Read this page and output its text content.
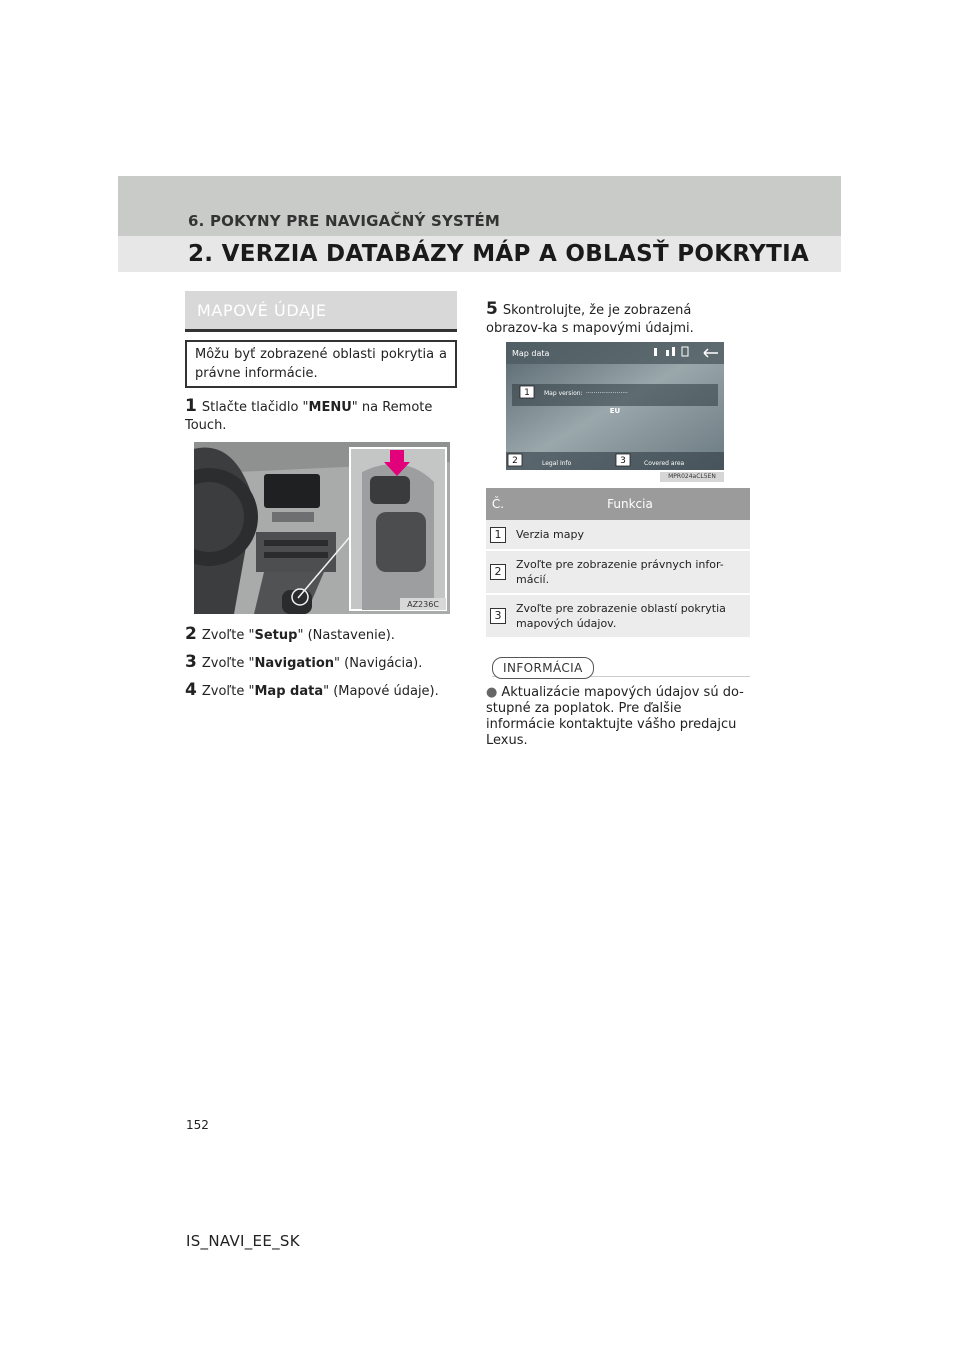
6. POKYNY PRE NAVIGAČNÝ SYSTÉM
2. VERZIA DATABÁZY MÁP A OBLASŤ POKRYTIA
MAPOVÉ ÚDAJE
Môžu byť zobrazené oblasti pokrytia a právne informácie.
1 Stlačte tlačidlo "MENU" na Remote Touch.
AZ236C
2 Zvoľte "Setup" (Nastavenie).
3 Zvoľte "Navigation" (Navigácia).
4 Zvoľte "Map data" (Mapové údaje).
5 Skontrolujte, že je zobrazená obrazov-ka s mapovými údajmi.
Map data
1 Map version: ······················
EU
2	Legal Info	3	Covered area
MPR024aCL5EN
Č.	Funkcia
1	Verzia mapy
2	Zvoľte pre zobrazenie právnych infor-mácií.
3	Zvoľte pre zobrazenie oblastí pokrytia mapových údajov.
INFORMÁCIA
● Aktualizácie mapových údajov sú do-stupné za poplatok. Pre ďalšie informácie kontaktujte vášho predajcu Lexus.
152
IS_NAVI_EE_SK
